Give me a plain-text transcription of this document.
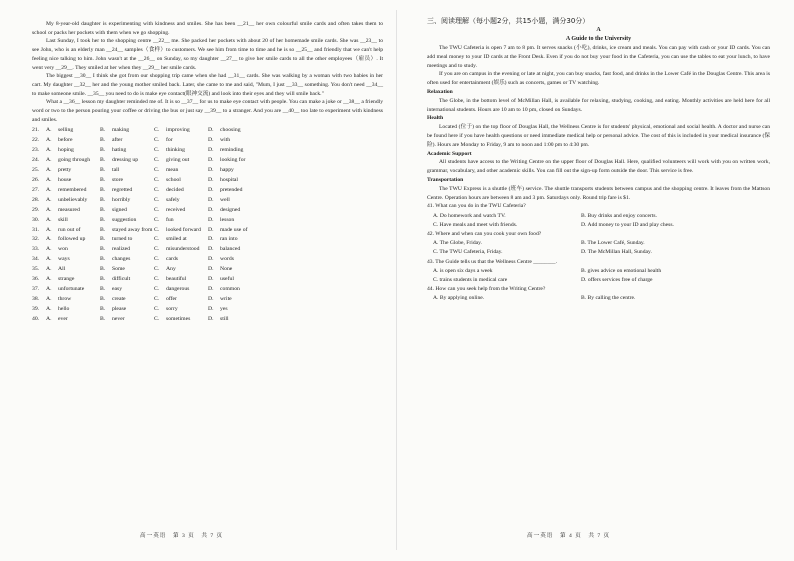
My 8-year-old daughter is experimenting with kindness and smiles. She has been __21__ her own colourful smile cards and often takes them to school or packs her pockets with them when we go shopping.

Last Sunday, I took her to the shopping centre __22__ me. She packed her pockets with about 20 of her homemade smile cards. She was __23__ to see John, who is an elderly man __24__ samples（食样）to customers. We see him from time to time and he is so __25__ and friendly that we can't help feeling nice talking to him. John wasn't at the __26__ on Sunday, so my daughter __27__ to give her smile cards to all the other employees（雇员）. It went very __29__. They smiled at her when they __29__ her smile cards.

The biggest __30__ I think she got from our shopping trip came when she had __31__ cards. She was walking by a woman with two babies in her cart. My daughter __32__ her and the young mother smiled back. Later, she came to me and said, "Mum, I just __33__ something. You don't need __34__ to make someone smile. __35__ you need to do is make eye contact(眼神交流) and look into their eyes and they will smile back."

What a __36__ lesson my daughter reminded me of. It is so __37__ for us to make eye contact with people. You can make a joke or __38__ a friendly word or two to the person pouring your coffee or driving the bus or just say __39__ to a stranger. And you are __40__ too late to experiment with kindness and smiles.

21.	A.	selling	B.	making	C.	improving	D.	choosing
22.	A.	before	B.	after	C.	for	D.	with
23.	A.	hoping	B.	hating	C.	thinking	D.	reminding
24.	A.	going through	B.	dressing up	C.	giving out	D.	looking for
25.	A.	pretty	B.	tall	C.	mean	D.	happy
26.	A.	house	B.	store	C.	school	D.	hospital
27.	A.	remembered	B.	regretted	C.	decided	D.	pretended
28.	A.	unbelievably	B.	horribly	C.	safely	D.	well
29.	A.	measured	B.	signed	C.	received	D.	designed
30.	A.	skill	B.	suggestion	C.	fun	D.	lesson
31.	A.	run out of	B.	stayed away from C.	looked forward	D.	made use of
32.	A.	followed up	B.	turned to	C.	smiled at	D.	ran into
33.	A.	won	B.	realized	C.	misunderstood	D.	balanced
34.	A.	ways	B.	changes	C.	cards	D.	words
35.	A.	All	B.	Some	C.	Any	D.	None
36.	A.	strange	B.	difficult	C.	beautiful	D.	useful
37.	A.	unfortunate	B.	easy	C.	dangerous	D.	common
38.	A.	throw	B.	create	C.	offer	D.	write
39.	A.	hello	B.	please	C.	sorry	D.	yes
40.	A.	ever	B.	never	C.	sometimes	D.	still
高一英语　第 3 页　共 7 页
三、阅读理解（每小题2分，共15小题，满分30分）
A
A Guide to the University

The TWU Cafeteria is open 7 am to 8 pm. It serves snacks (小吃), drinks, ice cream and meals. You can pay with cash or your ID cards. You can add meal money to your ID cards at the Front Desk. Even if you do not buy your food in the Cafeteria, you can use the tables to eat your lunch, to have meetings and to study.

If you are on campus in the evening or late at night, you can buy snacks, fast food, and drinks in the Lower Café in the Douglas Centre. This area is often used for entertainment (娱乐) such as concerts, games or TV watching.

Relaxation

The Globe, in the bottom level of McMillan Hall, is available for relaxing, studying, cooking, and eating. Monthly activities are held here for all international students. Hours are 10 am to 10 pm, closed on Sundays.

Health

Located (位于) on the top floor of Douglas Hall, the Wellness Centre is for students' physical, emotional and social health. A doctor and nurse can be found here if you have health questions or need immediate medical help or personal advice. The cost of this is included in your medical insurance (保险). Hours are Monday to Friday, 9 am to noon and 1:00 pm to 4:30 pm.

Academic Support

All students have access to the Writing Centre on the upper floor of Douglas Hall. Here, qualified volunteers will work with you on written work, grammar, vocabulary, and other academic skills. You can fill out the sign-up form outside the door. This service is free.

Transportation

The TWU Express is a shuttle (班车) service. The shuttle transports students between campus and the shopping centre. It leaves from the Mattson Centre. Operation hours are between 8 am and 3 pm. Saturdays only. Round trip fare is $1.

41. What can you do in the TWU Cafeteria?
A. Do homework and watch TV.	B. Buy drinks and enjoy concerts.
C. Have meals and meet with friends.	D. Add money to your ID and play chess.
42. Where and when can you cook your own food?
A. The Globe, Friday.	B. The Lower Café, Sunday.
C. The TWU Cafeteria, Friday.	D. The McMillan Hall, Sunday.
43. The Guide tells us that the Wellness Centre ________.
A. is open six days a week	B. gives advice on emotional health
C. trains students in medical care	D. offers services free of charge
44. How can you seek help from the Writing Centre?
A. By applying online.	B. By calling the centre.
高一英语　第 4 页　共 7 页
